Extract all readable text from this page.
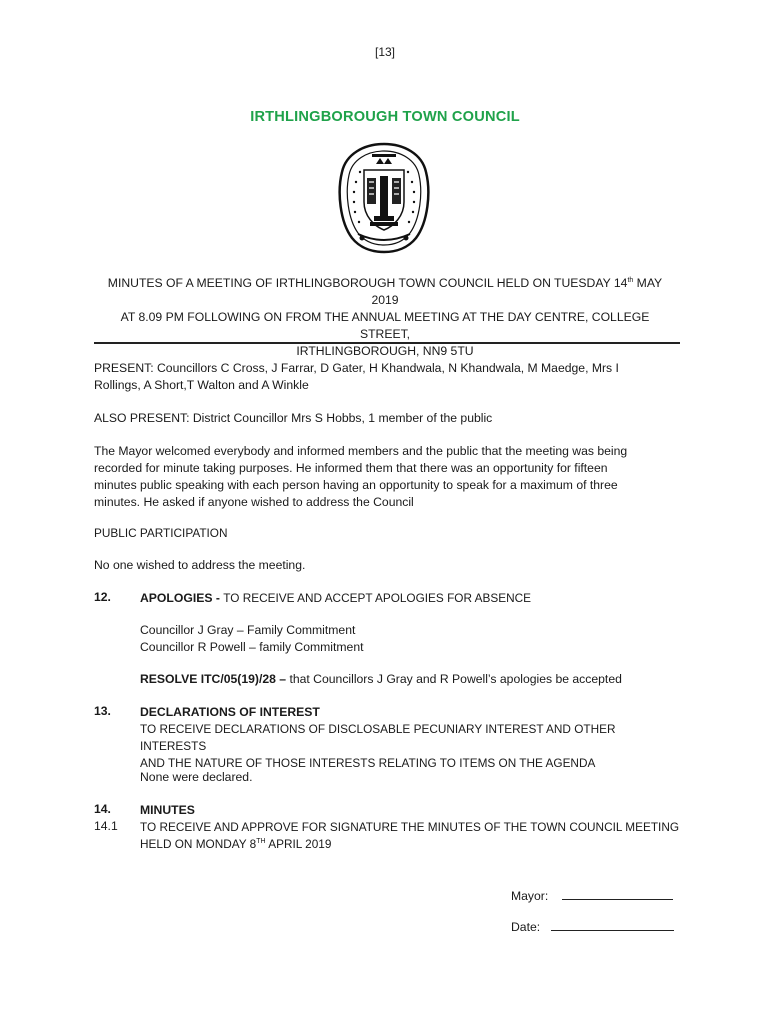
[13]
IRTHLINGBOROUGH TOWN COUNCIL
MINUTES OF A MEETING OF IRTHLINGBOROUGH TOWN COUNCIL HELD ON TUESDAY 14th MAY 2019
AT 8.09 PM FOLLOWING ON FROM THE ANNUAL MEETING AT THE DAY CENTRE, COLLEGE STREET,
IRTHLINGBOROUGH, NN9 5TU
PRESENT: Councillors C Cross, J Farrar, D Gater, H Khandwala, N Khandwala, M Maedge, Mrs I
Rollings, A Short,T Walton and A Winkle
ALSO PRESENT: District Councillor Mrs S Hobbs, 1 member of the public
The Mayor welcomed everybody and informed members and the public that the meeting was being
recorded for minute taking purposes. He informed them that there was an opportunity for fifteen
minutes public speaking with each person having an opportunity to speak for a maximum of three
minutes. He asked if anyone wished to address the Council
PUBLIC PARTICIPATION
No one wished to address the meeting.
12.	APOLOGIES - TO RECEIVE AND ACCEPT APOLOGIES FOR ABSENCE
Councillor J Gray – Family Commitment
Councillor R Powell – family Commitment
RESOLVE ITC/05(19)/28 – that Councillors J Gray and R Powell’s apologies be accepted
13.	DECLARATIONS OF INTEREST
TO RECEIVE DECLARATIONS OF DISCLOSABLE PECUNIARY INTEREST AND OTHER INTERESTS
AND THE NATURE OF THOSE INTERESTS RELATING TO ITEMS ON THE AGENDA
None were declared.
14.	MINUTES
14.1	TO RECEIVE AND APPROVE FOR SIGNATURE THE MINUTES OF THE TOWN COUNCIL MEETING
HELD ON MONDAY 8TH APRIL 2019
Mayor:
Date:
